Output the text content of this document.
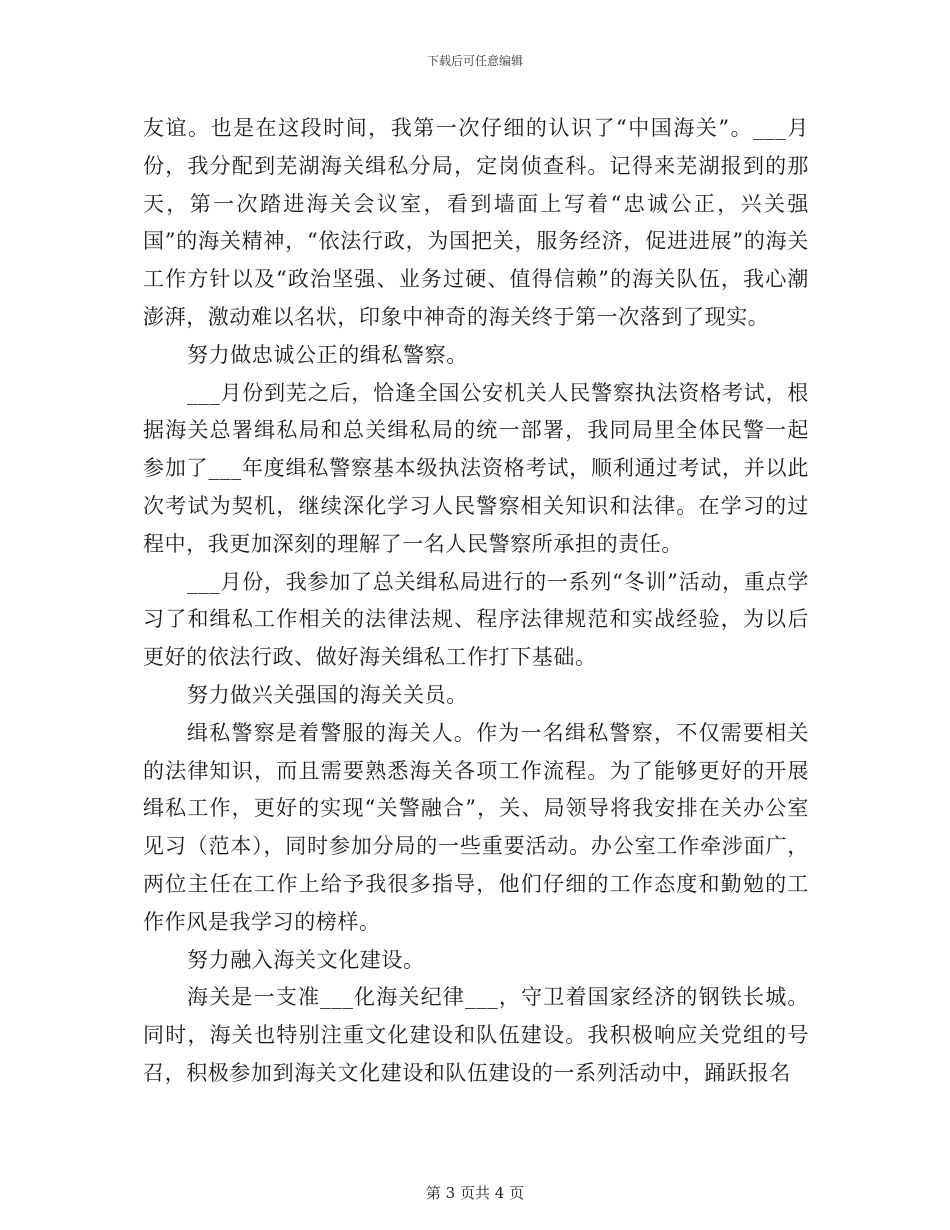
下载后可任意编辑

友谊。也是在这段时间，我第一次仔细的认识了“中国海关”。___月份，我分配到芜湖海关缉私分局，定岗侦查科。记得来芜湖报到的那天，第一次踏进海关会议室，看到墙面上写着“忠诚公正，兴关强国”的海关精神，“依法行政，为国把关，服务经济，促进进展”的海关工作方针以及“政治坚强、业务过硬、值得信赖”的海关队伍，我心潮澎湃，激动难以名状，印象中神奇的海关终于第一次落到了现实。

努力做忠诚公正的缉私警察。

___月份到芜之后，恰逢全国公安机关人民警察执法资格考试，根据海关总署缉私局和总关缉私局的统一部署，我同局里全体民警一起参加了___年度缉私警察基本级执法资格考试，顺利通过考试，并以此次考试为契机，继续深化学习人民警察相关知识和法律。在学习的过程中，我更加深刻的理解了一名人民警察所承担的责任。

___月份，我参加了总关缉私局进行的一系列“冬训”活动，重点学习了和缉私工作相关的法律法规、程序法律规范和实战经验，为以后更好的依法行政、做好海关缉私工作打下基础。

努力做兴关强国的海关关员。

缉私警察是着警服的海关人。作为一名缉私警察，不仅需要相关的法律知识，而且需要熟悉海关各项工作流程。为了能够更好的开展缉私工作，更好的实现“关警融合”，关、局领导将我安排在关办公室见习（范本），同时参加分局的一些重要活动。办公室工作牵涉面广，两位主任在工作上给予我很多指导，他们仔细的工作态度和勤勉的工作作风是我学习的榜样。

努力融入海关文化建设。

海关是一支准___化海关纪律___，守卫着国家经济的钢铁长城。同时，海关也特别注重文化建设和队伍建设。我积极响应关党组的号召，积极参加到海关文化建设和队伍建设的一系列活动中，踊跃报名

第 3 页共 4 页
